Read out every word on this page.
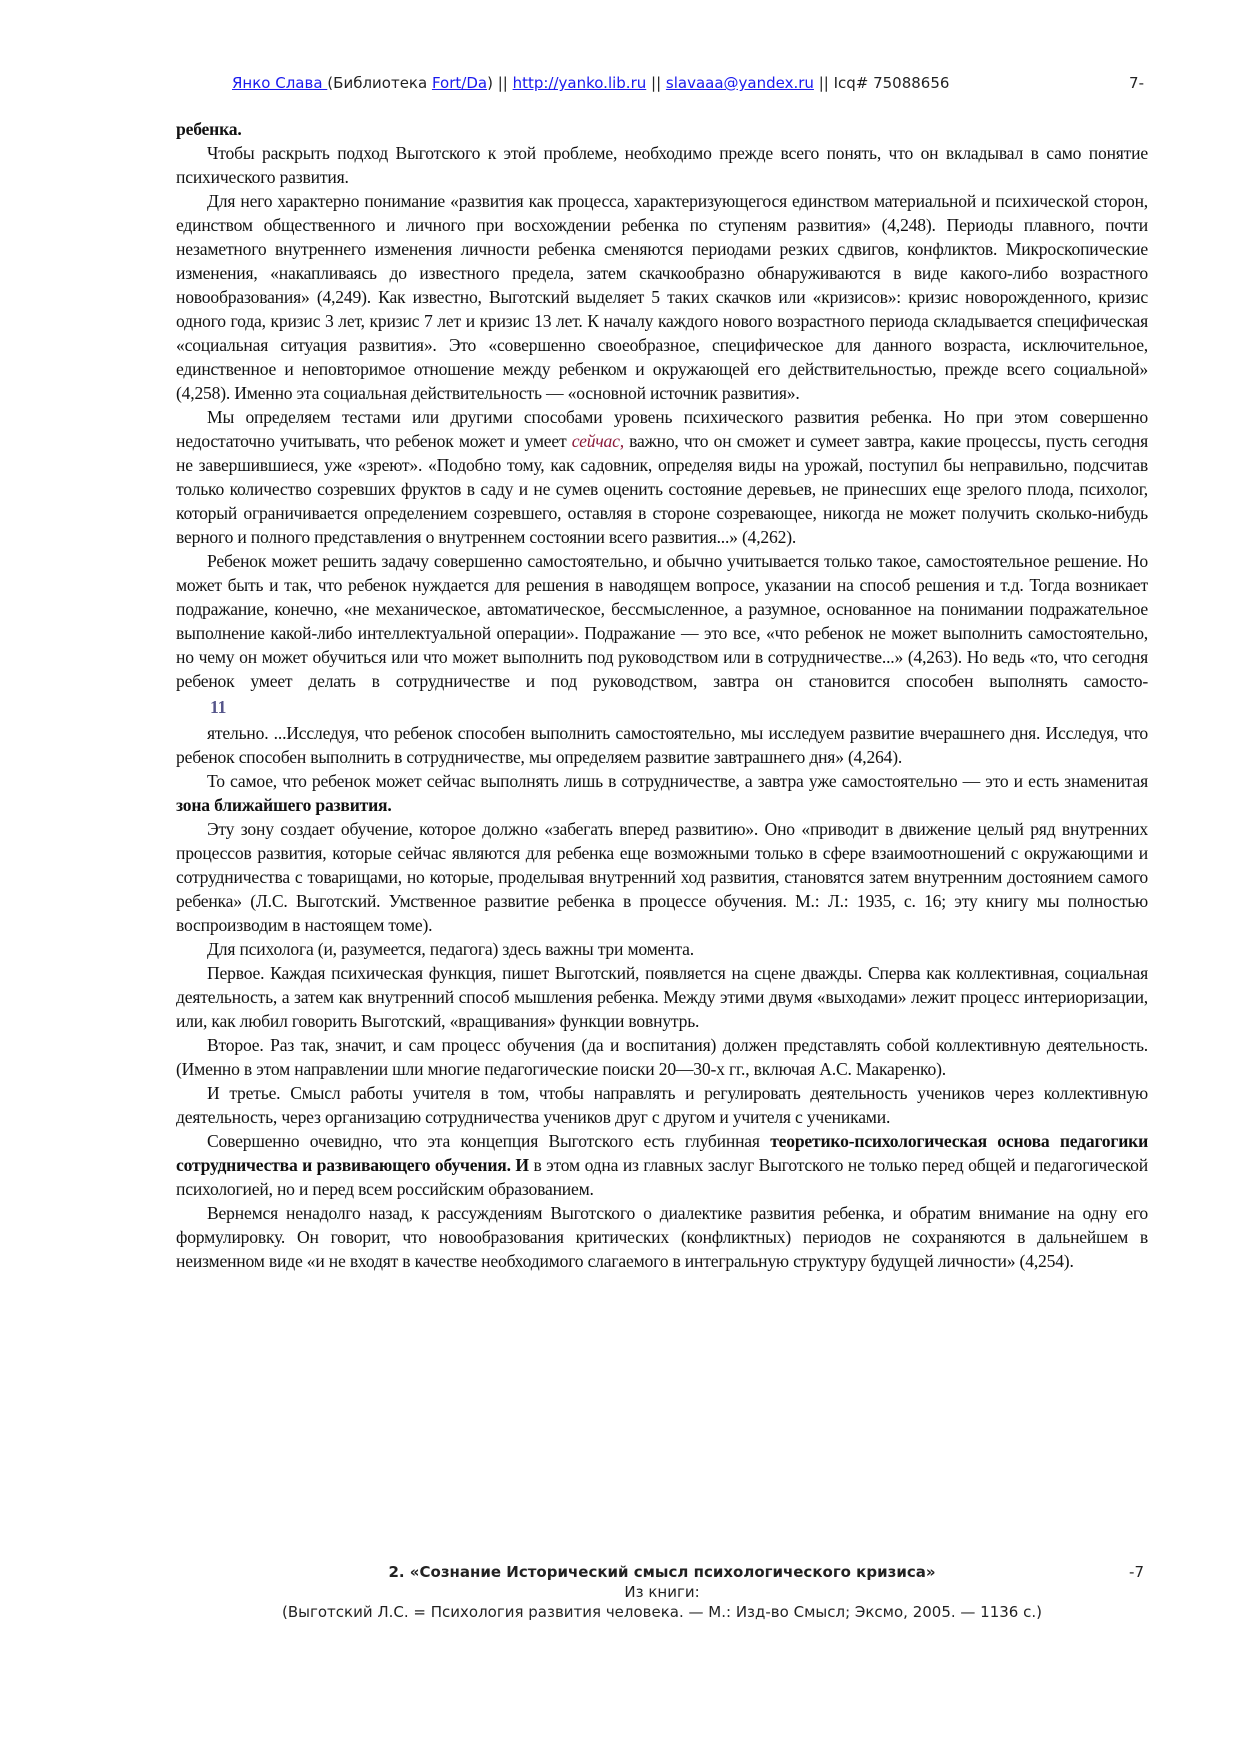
Янко Слава (Библиотека Fort/Da) || http://yanko.lib.ru || slavaaa@yandex.ru || Icq# 75088656	7-

ребенка.

Чтобы раскрыть подход Выготского к этой проблеме, необходимо прежде всего понять, что он вкладывал в само понятие психического развития.

Для него характерно понимание «развития как процесса, характеризующегося единством материальной и психической сторон, единством общественного и личного при восхождении ребенка по ступеням развития» (4,248). Периоды плавного, почти незаметного внутреннего изменения личности ребенка сменяются периодами резких сдвигов, конфликтов. Микроскопические изменения, «накапливаясь до известного предела, затем скачкообразно обнаруживаются в виде какого-либо возрастного новообразования» (4,249). Как известно, Выготский выделяет 5 таких скачков или «кризисов»: кризис новорожденного, кризис одного года, кризис 3 лет, кризис 7 лет и кризис 13 лет. К началу каждого нового возрастного периода складывается специфическая «социальная ситуация развития». Это «совершенно своеобразное, специфическое для данного возраста, исключительное, единственное и неповторимое отношение между ребенком и окружающей его действительностью, прежде всего социальной» (4,258). Именно эта социальная действительность — «основной источник развития».

Мы определяем тестами или другими способами уровень психического развития ребенка. Но при этом совершенно недостаточно учитывать, что ребенок может и умеет сейчас, важно, что он сможет и сумеет завтра, какие процессы, пусть сегодня не завершившиеся, уже «зреют». «Подобно тому, как садовник, определяя виды на урожай, поступил бы неправильно, подсчитав только количество созревших фруктов в саду и не сумев оценить состояние деревьев, не принесших еще зрелого плода, психолог, который ограничивается определением созревшего, оставляя в стороне созревающее, никогда не может получить сколько-нибудь верного и полного представления о внутреннем состоянии всего развития...» (4,262).

Ребенок может решить задачу совершенно самостоятельно, и обычно учитывается только такое, самостоятельное решение. Но может быть и так, что ребенок нуждается для решения в наводящем вопросе, указании на способ решения и т.д. Тогда возникает подражание, конечно, «не механическое, автоматическое, бессмысленное, а разумное, основанное на понимании подражательное выполнение какой-либо интеллектуальной операции». Подражание — это все, «что ребенок не может выполнить самостоятельно, но чему он может обучиться или что может выполнить под руководством или в сотрудничестве...» (4,263). Но ведь «то, что сегодня ребенок умеет делать в сотрудничестве и под руководством, завтра он становится способен выполнять самосто-

11

ятельно. ...Исследуя, что ребенок способен выполнить самостоятельно, мы исследуем развитие вчерашнего дня. Исследуя, что ребенок способен выполнить в сотрудничестве, мы определяем развитие завтрашнего дня» (4,264).

То самое, что ребенок может сейчас выполнять лишь в сотрудничестве, а завтра уже самостоятельно — это и есть знаменитая зона ближайшего развития.

Эту зону создает обучение, которое должно «забегать вперед развитию». Оно «приводит в движение целый ряд внутренних процессов развития, которые сейчас являются для ребенка еще возможными только в сфере взаимоотношений с окружающими и сотрудничества с товарищами, но которые, проделывая внутренний ход развития, становятся затем внутренним достоянием самого ребенка» (Л.С. Выготский. Умственное развитие ребенка в процессе обучения. М.: Л.: 1935, с. 16; эту книгу мы полностью воспроизводим в настоящем томе).

Для психолога (и, разумеется, педагога) здесь важны три момента.

Первое. Каждая психическая функция, пишет Выготский, появляется на сцене дважды. Сперва как коллективная, социальная деятельность, а затем как внутренний способ мышления ребенка. Между этими двумя «выходами» лежит процесс интериоризации, или, как любил говорить Выготский, «вращивания» функции вовнутрь.

Второе. Раз так, значит, и сам процесс обучения (да и воспитания) должен представлять собой коллективную деятельность. (Именно в этом направлении шли многие педагогические поиски 20—30-х гг., включая А.С. Макаренко).

И третье. Смысл работы учителя в том, чтобы направлять и регулировать деятельность учеников через коллективную деятельность, через организацию сотрудничества учеников друг с другом и учителя с учениками.

Совершенно очевидно, что эта концепция Выготского есть глубинная теоретико-психологическая основа педагогики сотрудничества и развивающего обучения. И в этом одна из главных заслуг Выготского не только перед общей и педагогической психологией, но и перед всем российским образованием.

Вернемся ненадолго назад, к рассуждениям Выготского о диалектике развития ребенка, и обратим внимание на одну его формулировку. Он говорит, что новообразования критических (конфликтных) периодов не сохраняются в дальнейшем в неизменном виде «и не входят в качестве необходимого слагаемого в интегральную структуру будущей личности» (4,254).

2. «Сознание Исторический смысл психологического кризиса»	-7
Из книги:
(Выготский Л.С. = Психология развития человека. — М.: Изд-во Смысл; Эксмо, 2005. — 1136 с.)
